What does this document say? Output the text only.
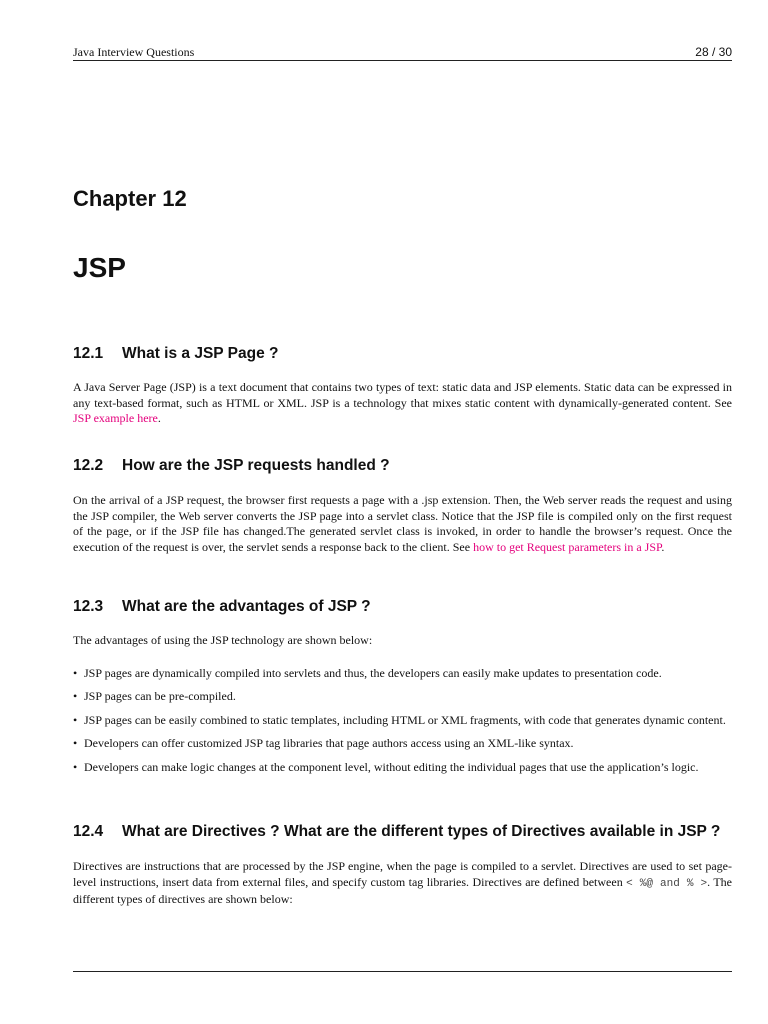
Java Interview Questions	28 / 30
Chapter 12
JSP
12.1	What is a JSP Page ?

A Java Server Page (JSP) is a text document that contains two types of text: static data and JSP elements. Static data can be expressed in any text-based format, such as HTML or XML. JSP is a technology that mixes static content with dynamically-generated content. See JSP example here.

12.2	How are the JSP requests handled ?

On the arrival of a JSP request, the browser first requests a page with a .jsp extension. Then, the Web server reads the request and using the JSP compiler, the Web server converts the JSP page into a servlet class. Notice that the JSP file is compiled only on the first request of the page, or if the JSP file has changed.The generated servlet class is invoked, in order to handle the browser’s request. Once the execution of the request is over, the servlet sends a response back to the client. See how to get Request parameters in a JSP.

12.3	What are the advantages of JSP ?

The advantages of using the JSP technology are shown below:

• JSP pages are dynamically compiled into servlets and thus, the developers can easily make updates to presentation code.
• JSP pages can be pre-compiled.
• JSP pages can be easily combined to static templates, including HTML or XML fragments, with code that generates dynamic content.
• Developers can offer customized JSP tag libraries that page authors access using an XML-like syntax.
• Developers can make logic changes at the component level, without editing the individual pages that use the application’s logic.
12.4	What are Directives ? What are the different types of Directives available in JSP ?

Directives are instructions that are processed by the JSP engine, when the page is compiled to a servlet. Directives are used to set page-level instructions, insert data from external files, and specify custom tag libraries. Directives are defined between < %@ and % >. The different types of directives are shown below:
